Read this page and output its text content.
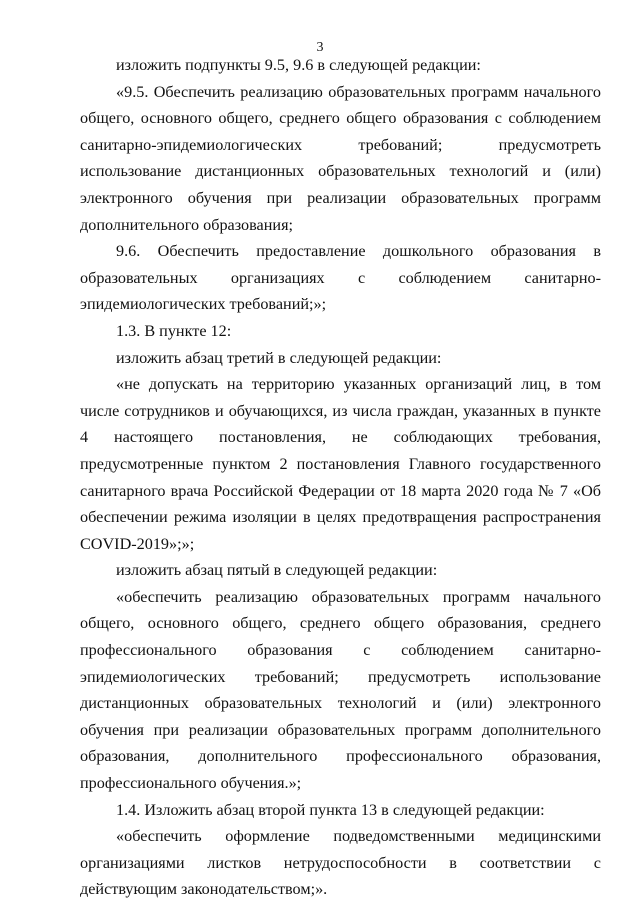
3

изложить подпункты 9.5, 9.6 в следующей редакции:

«9.5. Обеспечить реализацию образовательных программ начального общего, основного общего, среднего общего образования с соблюдением санитарно-эпидемиологических требований; предусмотреть использование дистанционных образовательных технологий и (или) электронного обучения при реализации образовательных программ дополнительного образования;

9.6. Обеспечить предоставление дошкольного образования в образовательных организациях с соблюдением санитарно-эпидемиологических требований;»;

1.3. В пункте 12:

изложить абзац третий в следующей редакции:

«не допускать на территорию указанных организаций лиц, в том числе сотрудников и обучающихся, из числа граждан, указанных в пункте 4 настоящего постановления, не соблюдающих требования, предусмотренные пунктом 2 постановления Главного государственного санитарного врача Российской Федерации от 18 марта 2020 года № 7 «Об обеспечении режима изоляции в целях предотвращения распространения COVID-2019»;»;

изложить абзац пятый в следующей редакции:

«обеспечить реализацию образовательных программ начального общего, основного общего, среднего общего образования, среднего профессионального образования с соблюдением санитарно-эпидемиологических требований; предусмотреть использование дистанционных образовательных технологий и (или) электронного обучения при реализации образовательных программ дополнительного образования, дополнительного профессионального образования, профессионального обучения.»;

1.4. Изложить абзац второй пункта 13 в следующей редакции:

«обеспечить оформление подведомственными медицинскими организациями листков нетрудоспособности в соответствии с действующим законодательством;».
